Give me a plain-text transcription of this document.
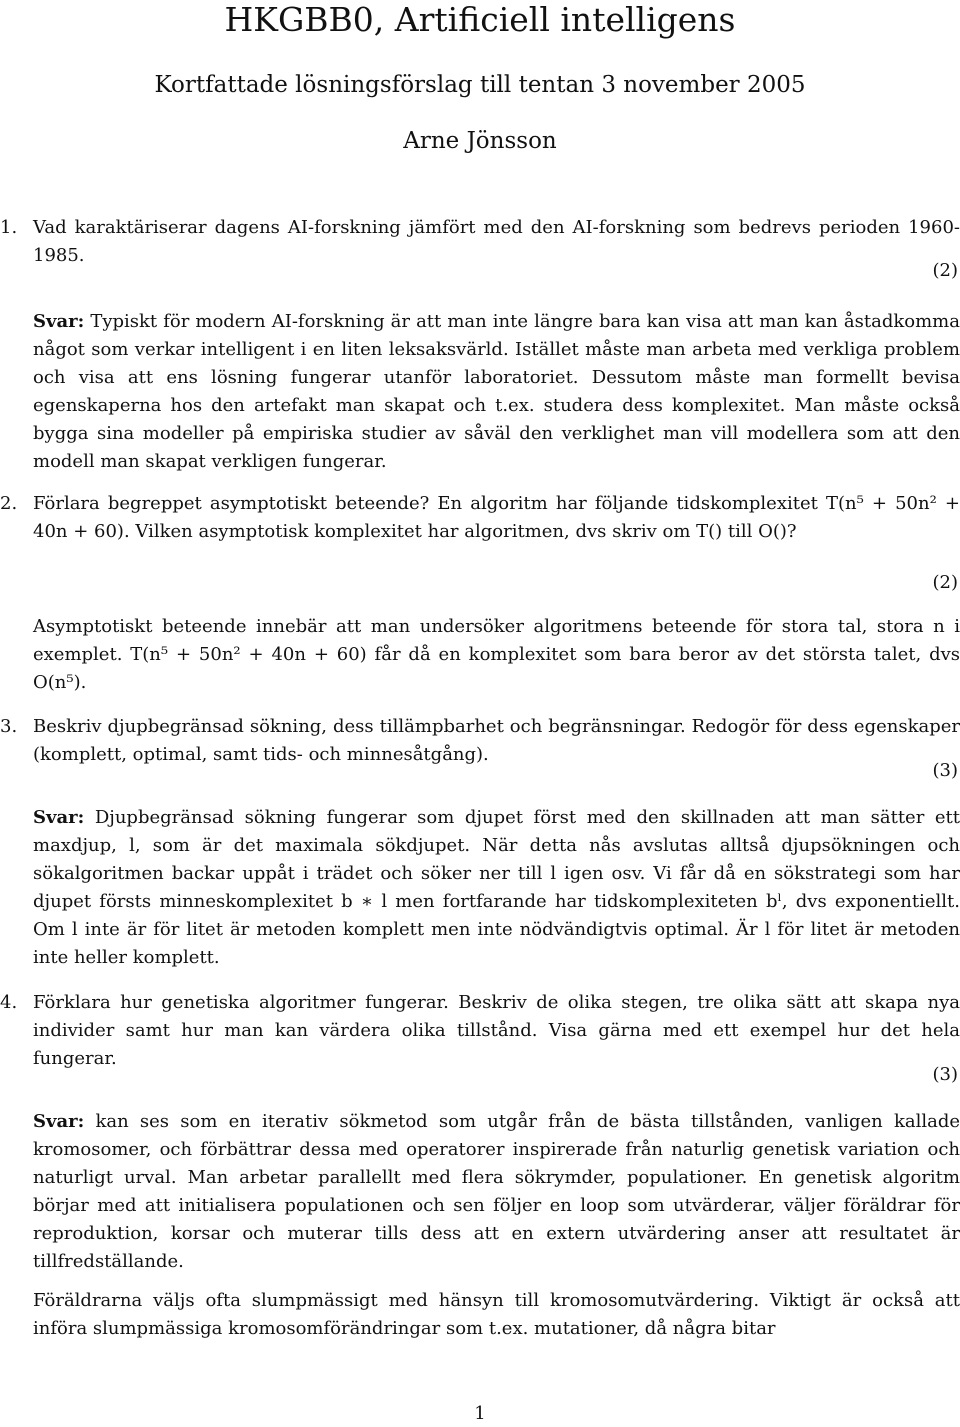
HKGBB0, Artificiell intelligens
Kortfattade lösningsförslag till tentan 3 november 2005
Arne Jönsson
1. Vad karaktäriserar dagens AI-forskning jämfört med den AI-forskning som bedrevs perioden 1960-1985.
(2)
Svar: Typiskt för modern AI-forskning är att man inte längre bara kan visa att man kan åstadkomma något som verkar intelligent i en liten leksaksvärld. Istället måste man arbeta med verkliga problem och visa att ens lösning fungerar utanför laboratoriet. Dessutom måste man formellt bevisa egenskaperna hos den artefakt man skapat och t.ex. studera dess komplexitet. Man måste också bygga sina modeller på empiriska studier av såväl den verklighet man vill modellera som att den modell man skapat verkligen fungerar.
2. Förlara begreppet asymptotiskt beteende? En algoritm har följande tidskomplexitet T(n⁵ + 50n² + 40n + 60). Vilken asymptotisk komplexitet har algoritmen, dvs skriv om T() till O()?
(2)
Asymptotiskt beteende innebär att man undersöker algoritmens beteende för stora tal, stora n i exemplet. T(n⁵ + 50n² + 40n + 60) får då en komplexitet som bara beror av det största talet, dvs O(n⁵).
3. Beskriv djupbegränsad sökning, dess tillämpbarhet och begränsningar. Redogör för dess egenskaper (komplett, optimal, samt tids- och minnesåtgång).
(3)
Svar: Djupbegränsad sökning fungerar som djupet först med den skillnaden att man sätter ett maxdjup, l, som är det maximala sökdjupet. När detta nås avslutas alltså djupsökningen och sökalgoritmen backar uppåt i trädet och söker ner till l igen osv. Vi får då en sökstrategi som har djupet försts minneskomplexitet b ∗ l men fortfarande har tidskomplexiteten bˡ, dvs exponentiellt. Om l inte är för litet är metoden komplett men inte nödvändigtvis optimal. Är l för litet är metoden inte heller komplett.
4. Förklara hur genetiska algoritmer fungerar. Beskriv de olika stegen, tre olika sätt att skapa nya individer samt hur man kan värdera olika tillstånd. Visa gärna med ett exempel hur det hela fungerar.
(3)
Svar: kan ses som en iterativ sökmetod som utgår från de bästa tillstånden, vanligen kallade kromosomer, och förbättrar dessa med operatorer inspirerade från naturlig genetisk variation och naturligt urval. Man arbetar parallellt med flera sökrymder, populationer. En genetisk algoritm börjar med att initialisera populationen och sen följer en loop som utvärderar, väljer föräldrar för reproduktion, korsar och muterar tills dess att en extern utvärdering anser att resultatet är tillfredställande.
Föräldrarna väljs ofta slumpmässigt med hänsyn till kromosomutvärdering. Viktigt är också att införa slumpmässiga kromosomförändringar som t.ex. mutationer, då några bitar
1
